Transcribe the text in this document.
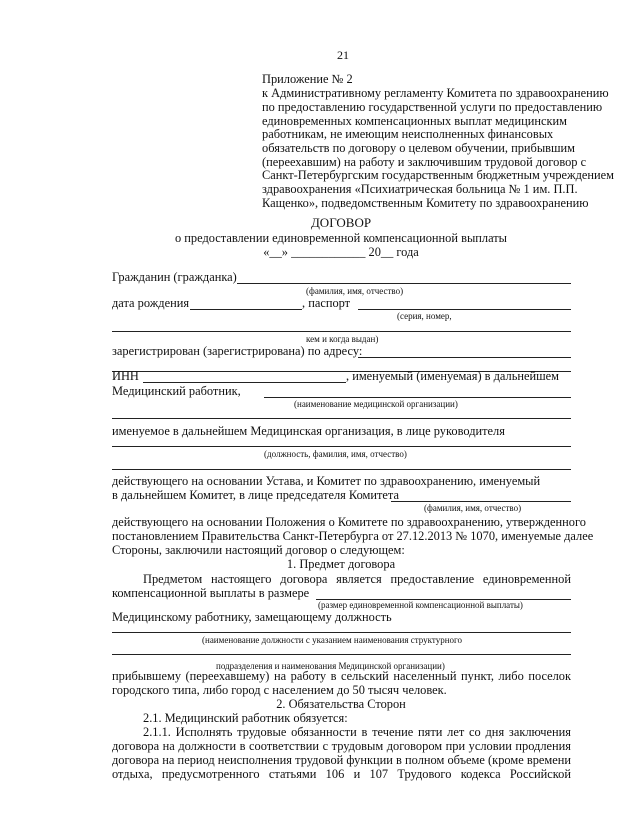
21
Приложение № 2
к Административному регламенту Комитета по здравоохранению
по предоставлению государственной услуги по предоставлению
единовременных компенсационных выплат медицинским
работникам, не имеющим неисполненных финансовых
обязательств по договору о целевом обучении, прибывшим
(переехавшим) на работу и заключившим трудовой договор с
Санкт-Петербургским государственным бюджетным учреждением
здравоохранения «Психиатрическая больница № 1 им. П.П.
Кащенко», подведомственным Комитету по здравоохранению
ДОГОВОР
о предоставлении единовременной компенсационной выплаты
«__» ____________ 20__ года
Гражданин (гражданка)
(фамилия, имя, отчество)
дата рождения	, паспорт
(серия, номер,
кем и когда выдан)
зарегистрирован (зарегистрирована) по адресу:
ИНН	, именуемый (именуемая) в дальнейшем
Медицинский работник,
(наименование медицинской организации)
именуемое в дальнейшем Медицинская организация, в лице руководителя
(должность, фамилия, имя, отчество)
действующего на основании Устава, и Комитет по здравоохранению, именуемый
в дальнейшем Комитет, в лице председателя Комитета
(фамилия, имя, отчество)
действующего на основании Положения о Комитете по здравоохранению, утвержденного
постановлением Правительства Санкт-Петербурга от 27.12.2013 № 1070, именуемые далее
Стороны, заключили настоящий договор о следующем:
1. Предмет договора
Предметом настоящего договора является предоставление единовременной
компенсационной выплаты в размере
(размер единовременной компенсационной выплаты)
Медицинскому работнику, замещающему должность
(наименование должности с указанием наименования структурного
подразделения и наименования Медицинской организации)
прибывшему (переехавшему) на работу в сельский населенный пункт, либо поселок
городского типа, либо город с населением до 50 тысяч человек.
2. Обязательства Сторон
2.1. Медицинский работник обязуется:
2.1.1. Исполнять трудовые обязанности в течение пяти лет со дня заключения
договора на должности в соответствии с трудовым договором при условии продления
договора на период неисполнения трудовой функции в полном объеме (кроме времени
отдыха, предусмотренного статьями 106 и 107 Трудового кодекса Российской
